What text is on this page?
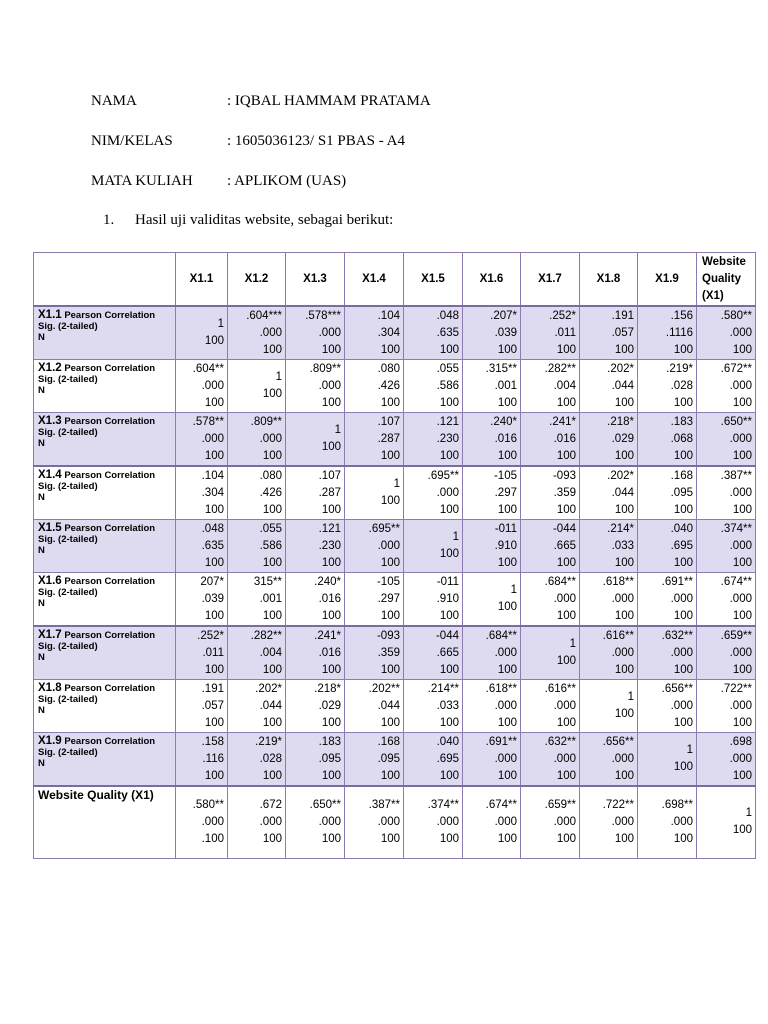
NAMA	: IQBAL HAMMAM PRATAMA
NIM/KELAS	: 1605036123/ S1 PBAS - A4
MATA KULIAH : APLIKOM (UAS)
1. Hasil uji validitas website, sebagai berikut:
	X1.1	X1.2	X1.3	X1.4	X1.5	X1.6	X1.7	X1.8	X1.9	Website Quality (X1)
X1.1 Pearson Correlation
Sig. (2-tailed)
N	1
100	.604***
.000
100	.578***
.000
100	.104
.304
100	.048
.635
100	.207*
.039
100	.252*
.011
100	.191
.057
100	.156
.1116
100	.580**
.000
100

X1.2 Pearson Correlation
Sig. (2-tailed)
N	.604**
.000
100	1
100	.809**
.000
100	.080
.426
100	.055
.586
100	.315**
.001
100	.282**
.004
100	.202*
.044
100	.219*
.028
100	.672**
.000
100

X1.3 Pearson Correlation
Sig. (2-tailed)
N	.578**
.000
100	.809**
.000
100	1
100	.107
.287
100	.121
.230
100	.240*
.016
100	.241*
.016
100	.218*
.029
100	.183
.068
100	.650**
.000
100

X1.4 Pearson Correlation
Sig. (2-tailed)
N	.104
.304
100	.080
.426
100	.107
.287
100	1
100	.695**
.000
100	-105
.297
100	-093
.359
100	.202*
.044
100	.168
.095
100	.387**
.000
100

X1.5 Pearson Correlation
Sig. (2-tailed)
N	.048
.635
100	.055
.586
100	.121
.230
100	.695**
.000
100	1
100	-011
.910
100	-044
.665
100	.214*
.033
100	.040
.695
100	.374**
.000
100

X1.6 Pearson Correlation
Sig. (2-tailed)
N	207*
.039
100	315**
.001
100	.240*
.016
100	-105
.297
100	-011
.910
100	1
100	.684**
.000
100	.618**
.000
100	.691**
.000
100	.674**
.000
100

X1.7 Pearson Correlation
Sig. (2-tailed)
N	.252*
.011
100	.282**
.004
100	.241*
.016
100	-093
.359
100	-044
.665
100	.684**
.000
100	1
100	.616**
.000
100	.632**
.000
100	.659**
.000
100

X1.8 Pearson Correlation
Sig. (2-tailed)
N	.191
.057
100	.202*
.044
100	.218*
.029
100	.202**
.044
100	.214**
.033
100	.618**
.000
100	.616**
.000
100	1
100	.656**
.000
100	.722**
.000
100

X1.9 Pearson Correlation
Sig. (2-tailed)
N	.158
.116
100	.219*
.028
100	.183
.095
100	.168
.095
100	.040
.695
100	.691**
.000
100	.632**
.000
100	.656**
.000
100	1
100	.698
.000
100

Website Quality (X1)	.580**
.000
.100	.672
.000
100	.650**
.000
100	.387**
.000
100	.374**
.000
100	.674**
.000
100	.659**
.000
100	.722**
.000
100	.698**
.000
100	1
100
